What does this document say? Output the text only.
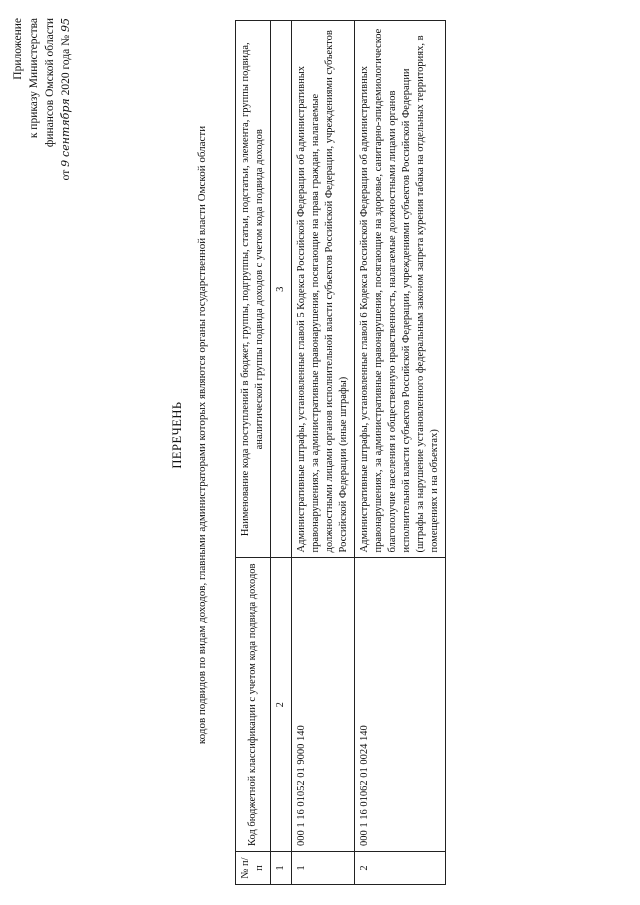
Приложение к приказу Министерства финансов Омской области
от 9 сентября 2020 года № 95
ПЕРЕЧЕНЬ кодов подвидов по видам доходов, главными администраторами которых являются органы государственной власти Омской области
№ п/п	Код бюджетной классификации с учетом кода подвида доходов	Наименование кода поступлений в бюджет, группы, подгруппы, статьи, подстатьи, элемента, группы подвида, аналитической группы подвида доходов с учетом кода подвида доходов
1	2	3
1	000 1 16 01052 01 9000 140	Административные штрафы, установленные главой 5 Кодекса Российской Федерации об административных правонарушениях, за административные правонарушения, посягающие на права граждан, налагаемые должностными лицами органов исполнительной власти субъектов Российской Федерации, учреждениями субъектов Российской Федерации (иные штрафы)
2	000 1 16 01062 01 0024 140	Административные штрафы, установленные главой 6 Кодекса Российской Федерации об административных правонарушениях, за административные правонарушения, посягающие на здоровье, санитарно-эпидемиологическое благополучие населения и общественную нравственность, налагаемые должностными лицами органов исполнительной власти субъектов Российской Федерации, учреждениями субъектов Российской Федерации (штрафы за нарушение установленного федеральным законом запрета курения табака на отдельных территориях, в помещениях и на объектах)
